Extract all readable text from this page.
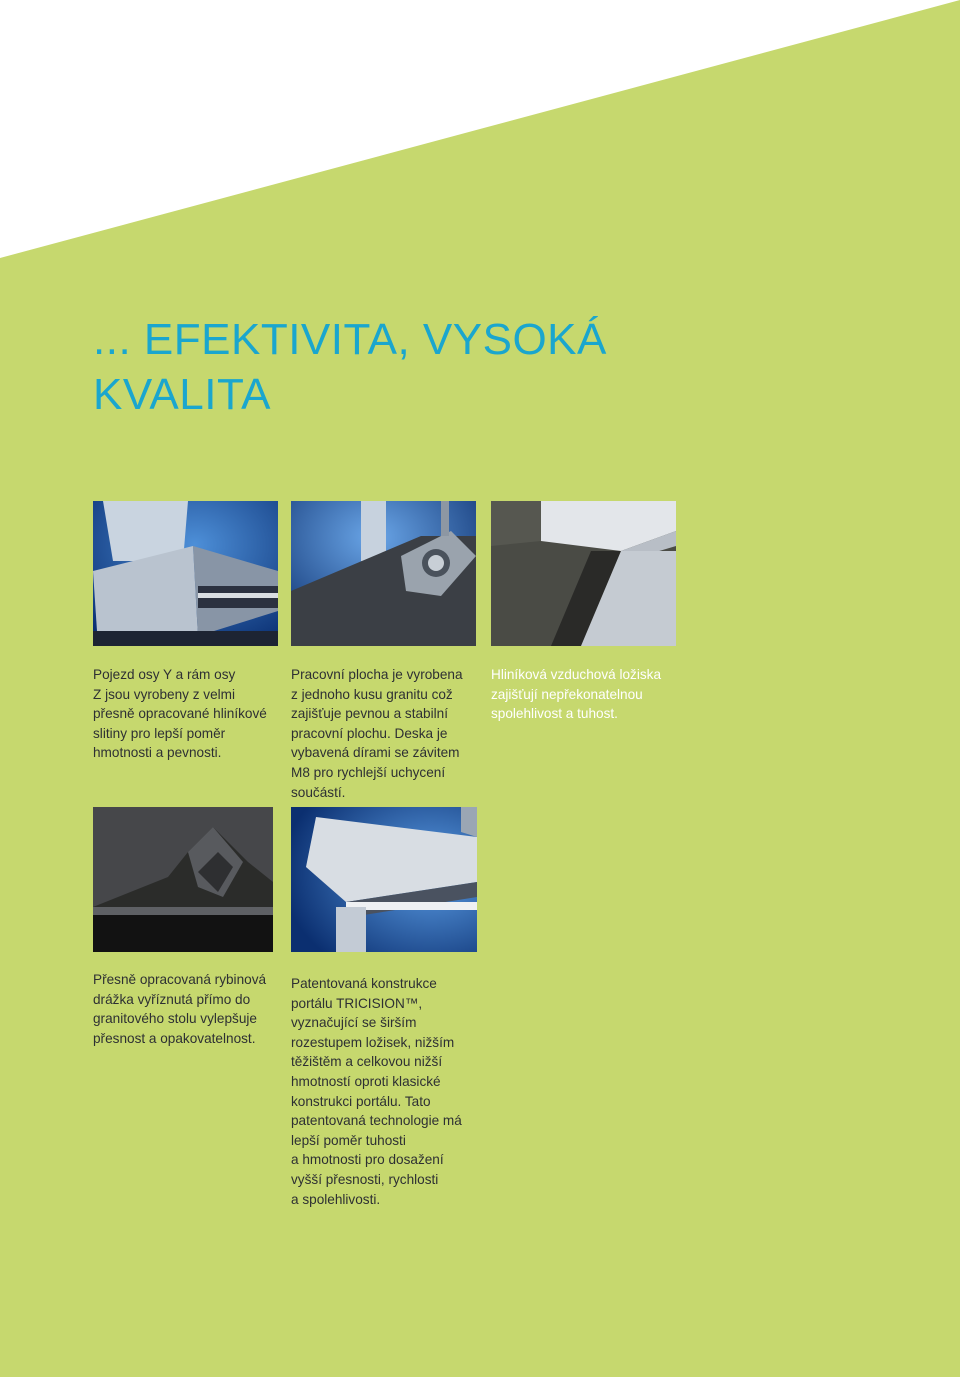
... EFEKTIVITA, VYSOKÁ
KVALITA
Pojezd osy Y a rám osy
Z jsou vyrobeny z velmi
přesně opracované hliníkové
slitiny pro lepší poměr
hmotnosti a pevnosti.
Pracovní plocha je vyrobena
z jednoho kusu granitu což
zajišťuje pevnou a stabilní
pracovní plochu. Deska je
vybavená dírami se závitem
M8 pro rychlejší uchycení
součástí.
Hliníková vzduchová ložiska
zajišťují nepřekonatelnou
spolehlivost a tuhost.
Přesně opracovaná rybinová
drážka vyříznutá přímo do
granitového stolu vylepšuje
přesnost a opakovatelnost.
Patentovaná konstrukce
portálu TRICISION™,
vyznačující se širším
rozestupem ložisek, nižším
těžištěm a celkovou nižší
hmotností oproti klasické
konstrukci portálu. Tato
patentovaná technologie má
lepší poměr tuhosti
a hmotnosti pro dosažení
vyšší přesnosti, rychlosti
a spolehlivosti.
